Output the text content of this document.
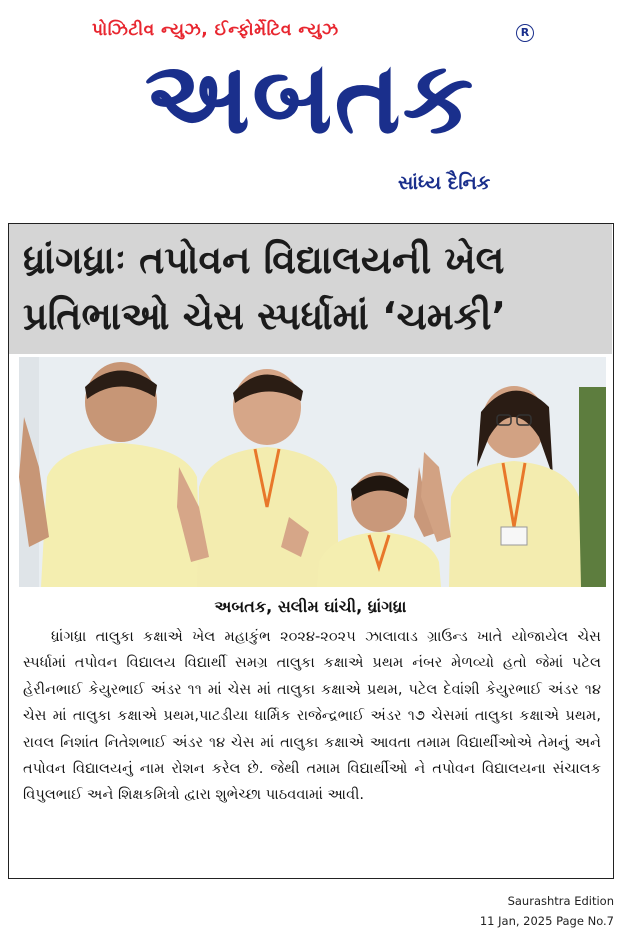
પોઝિટીવ ન્યુઝ, ઈન્ફોર્મેટિવ ન્યુઝ
અબતક
R
સાંધ્ય દૈનિક
ધ્રાંગધ્રાઃ તપોવન વિદ્યાલયની ખેલ
પ્રતિભાઓ ચેસ સ્પર્ધામાં ‘ચમકી’
અબતક, સલીમ ઘાંચી, ધ્રાંગધ્રા
ધ્રાંગધ્રા તાલુકા કક્ષાએ ખેલ મહાકુંભ ૨૦૨૪-૨૦૨૫ ઝાલાવાડ ગ્રાઉન્ડ ખાતે યોજાયેલ ચેસ સ્પર્ધામાં તપોવન વિદ્યાલય વિદ્યાર્થી સમગ્ર તાલુકા કક્ષાએ પ્રથમ નંબર મેળવ્યો હતો જેમાં પટેલ હેરીનભાઈ કેયુરભાઈ અંડર ૧૧ માં ચેસ માં તાલુકા કક્ષાએ પ્રથમ, પટેલ દેવાંશી કેયુરભાઈ અંડર ૧૪ ચેસ માં તાલુકા કક્ષાએ પ્રથમ,પાટડીયા ધાર્મિક રાજેન્દ્રભાઈ અંડર ૧૭ ચેસમાં તાલુકા કક્ષાએ પ્રથમ, રાવલ નિશાંત નિતેશભાઈ અંડર ૧૪ ચેસ માં તાલુકા કક્ષાએ આવતા તમામ વિદ્યાર્થીઓએ તેમનું અને તપોવન વિદ્યાલયનું નામ રોશન કરેલ છે. જેથી તમામ વિદ્યાર્થીઓ ને તપોવન વિદ્યાલયના સંચાલક વિપુલભાઈ અને શિક્ષકમિત્રો દ્વારા શુભેચ્છા પાઠવવામાં આવી.
Saurashtra Edition
11 Jan, 2025 Page No.7
